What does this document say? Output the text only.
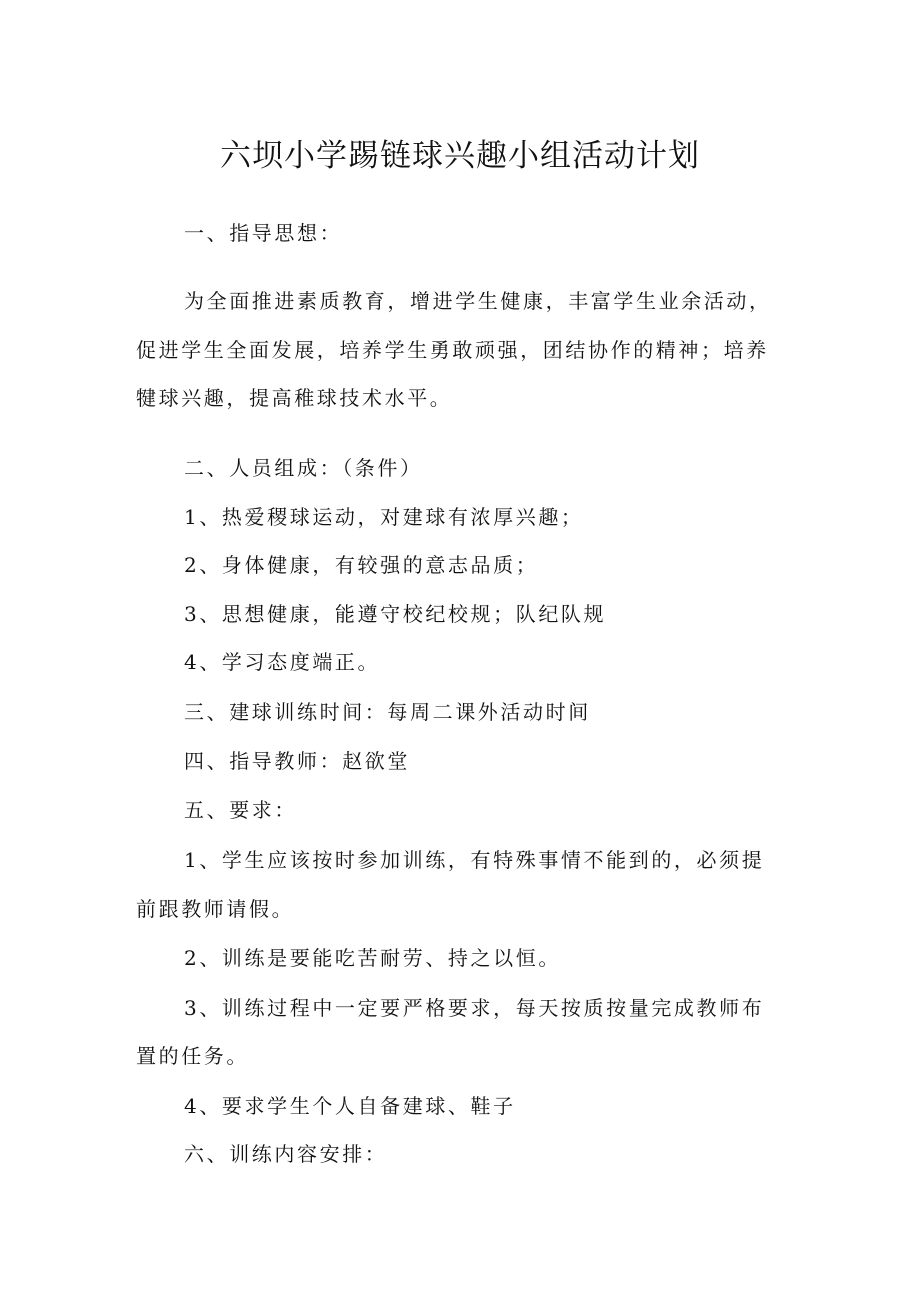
六坝小学踢链球兴趣小组活动计划

一、指导思想：

为全面推进素质教育，增进学生健康，丰富学生业余活动，

促进学生全面发展，培养学生勇敢顽强，团结协作的精神；培养

犍球兴趣，提高稚球技术水平。

二、人员组成：（条件）

1、热爱稷球运动，对建球有浓厚兴趣；

2、身体健康，有较强的意志品质；

3、思想健康，能遵守校纪校规；队纪队规

4、学习态度端正。

三、建球训练时间：每周二课外活动时间

四、指导教师：赵欲堂

五、要求：

1、学生应该按时参加训练，有特殊事情不能到的，必须提

前跟教师请假。

2、训练是要能吃苦耐劳、持之以恒。

3、训练过程中一定要严格要求，每天按质按量完成教师布

置的任务。

4、要求学生个人自备建球、鞋子

六、训练内容安排：
